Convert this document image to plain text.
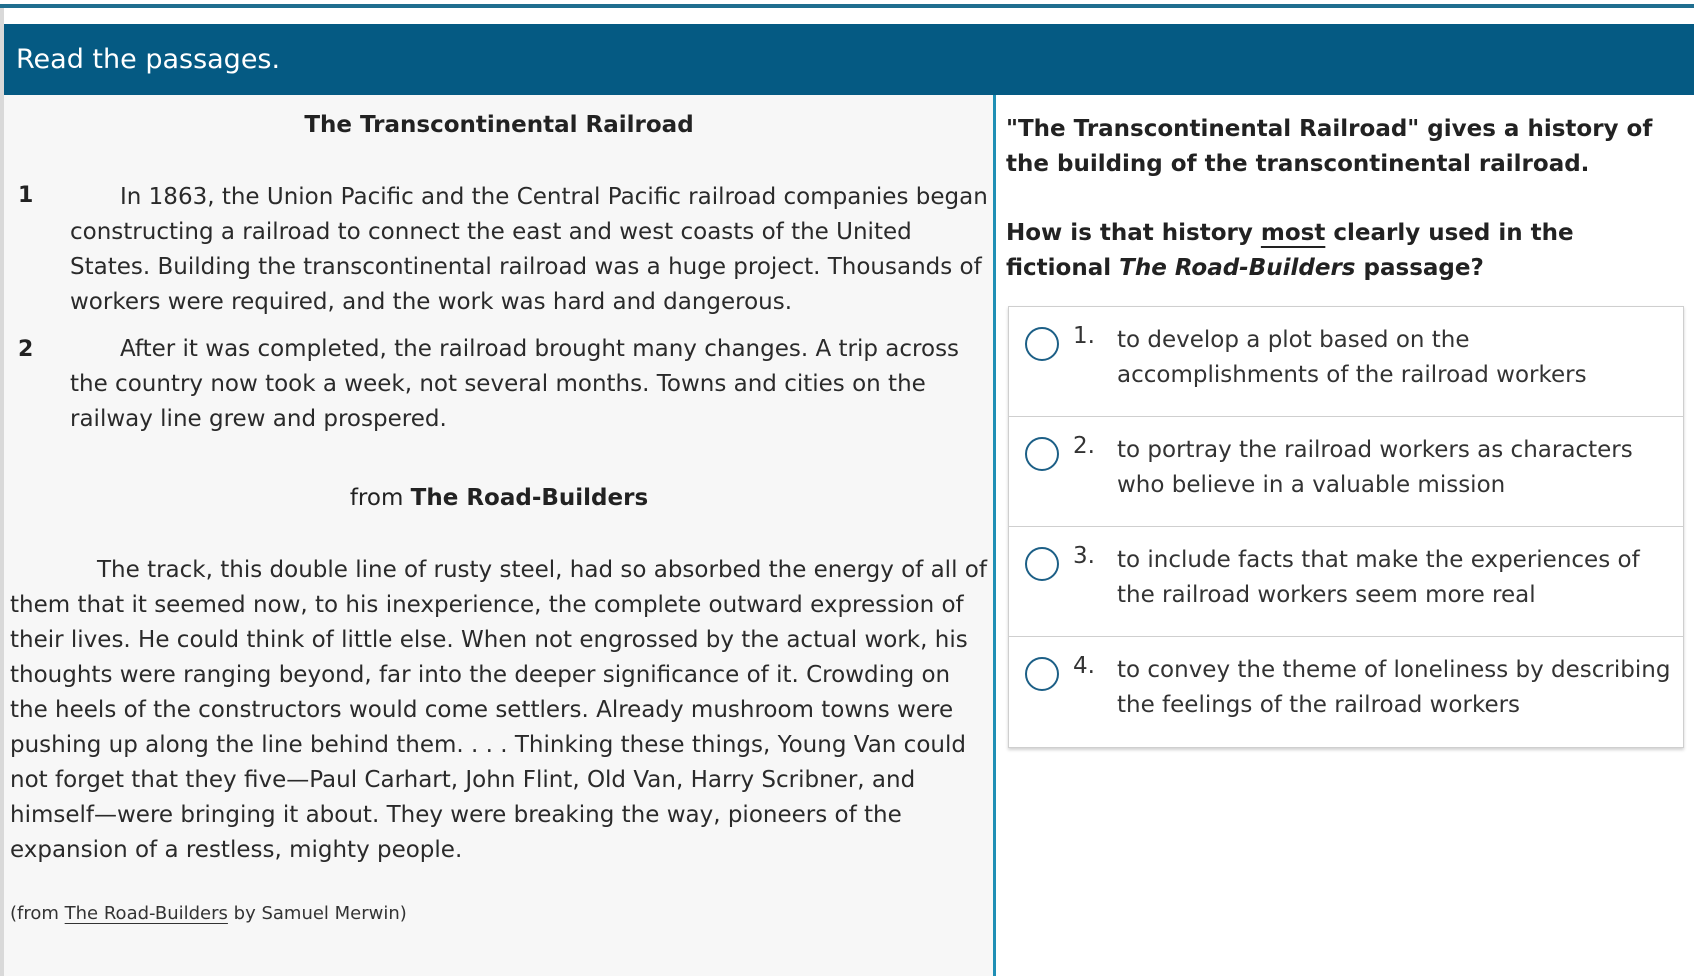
Read the passages.
The Transcontinental Railroad
1	In 1863, the Union Pacific and the Central Pacific railroad companies began constructing a railroad to connect the east and west coasts of the United States. Building the transcontinental railroad was a huge project. Thousands of workers were required, and the work was hard and dangerous.
2	After it was completed, the railroad brought many changes. A trip across the country now took a week, not several months. Towns and cities on the railway line grew and prospered.
from The Road-Builders
The track, this double line of rusty steel, had so absorbed the energy of all of them that it seemed now, to his inexperience, the complete outward expression of their lives. He could think of little else. When not engrossed by the actual work, his thoughts were ranging beyond, far into the deeper significance of it. Crowding on the heels of the constructors would come settlers. Already mushroom towns were pushing up along the line behind them. . . . Thinking these things, Young Van could not forget that they five—Paul Carhart, John Flint, Old Van, Harry Scribner, and himself—were bringing it about. They were breaking the way, pioneers of the expansion of a restless, mighty people.
(from The Road-Builders by Samuel Merwin)
"The Transcontinental Railroad" gives a history of the building of the transcontinental railroad.
How is that history most clearly used in the fictional The Road-Builders passage?
1. to develop a plot based on the accomplishments of the railroad workers
2. to portray the railroad workers as characters who believe in a valuable mission
3. to include facts that make the experiences of the railroad workers seem more real
4. to convey the theme of loneliness by describing the feelings of the railroad workers
